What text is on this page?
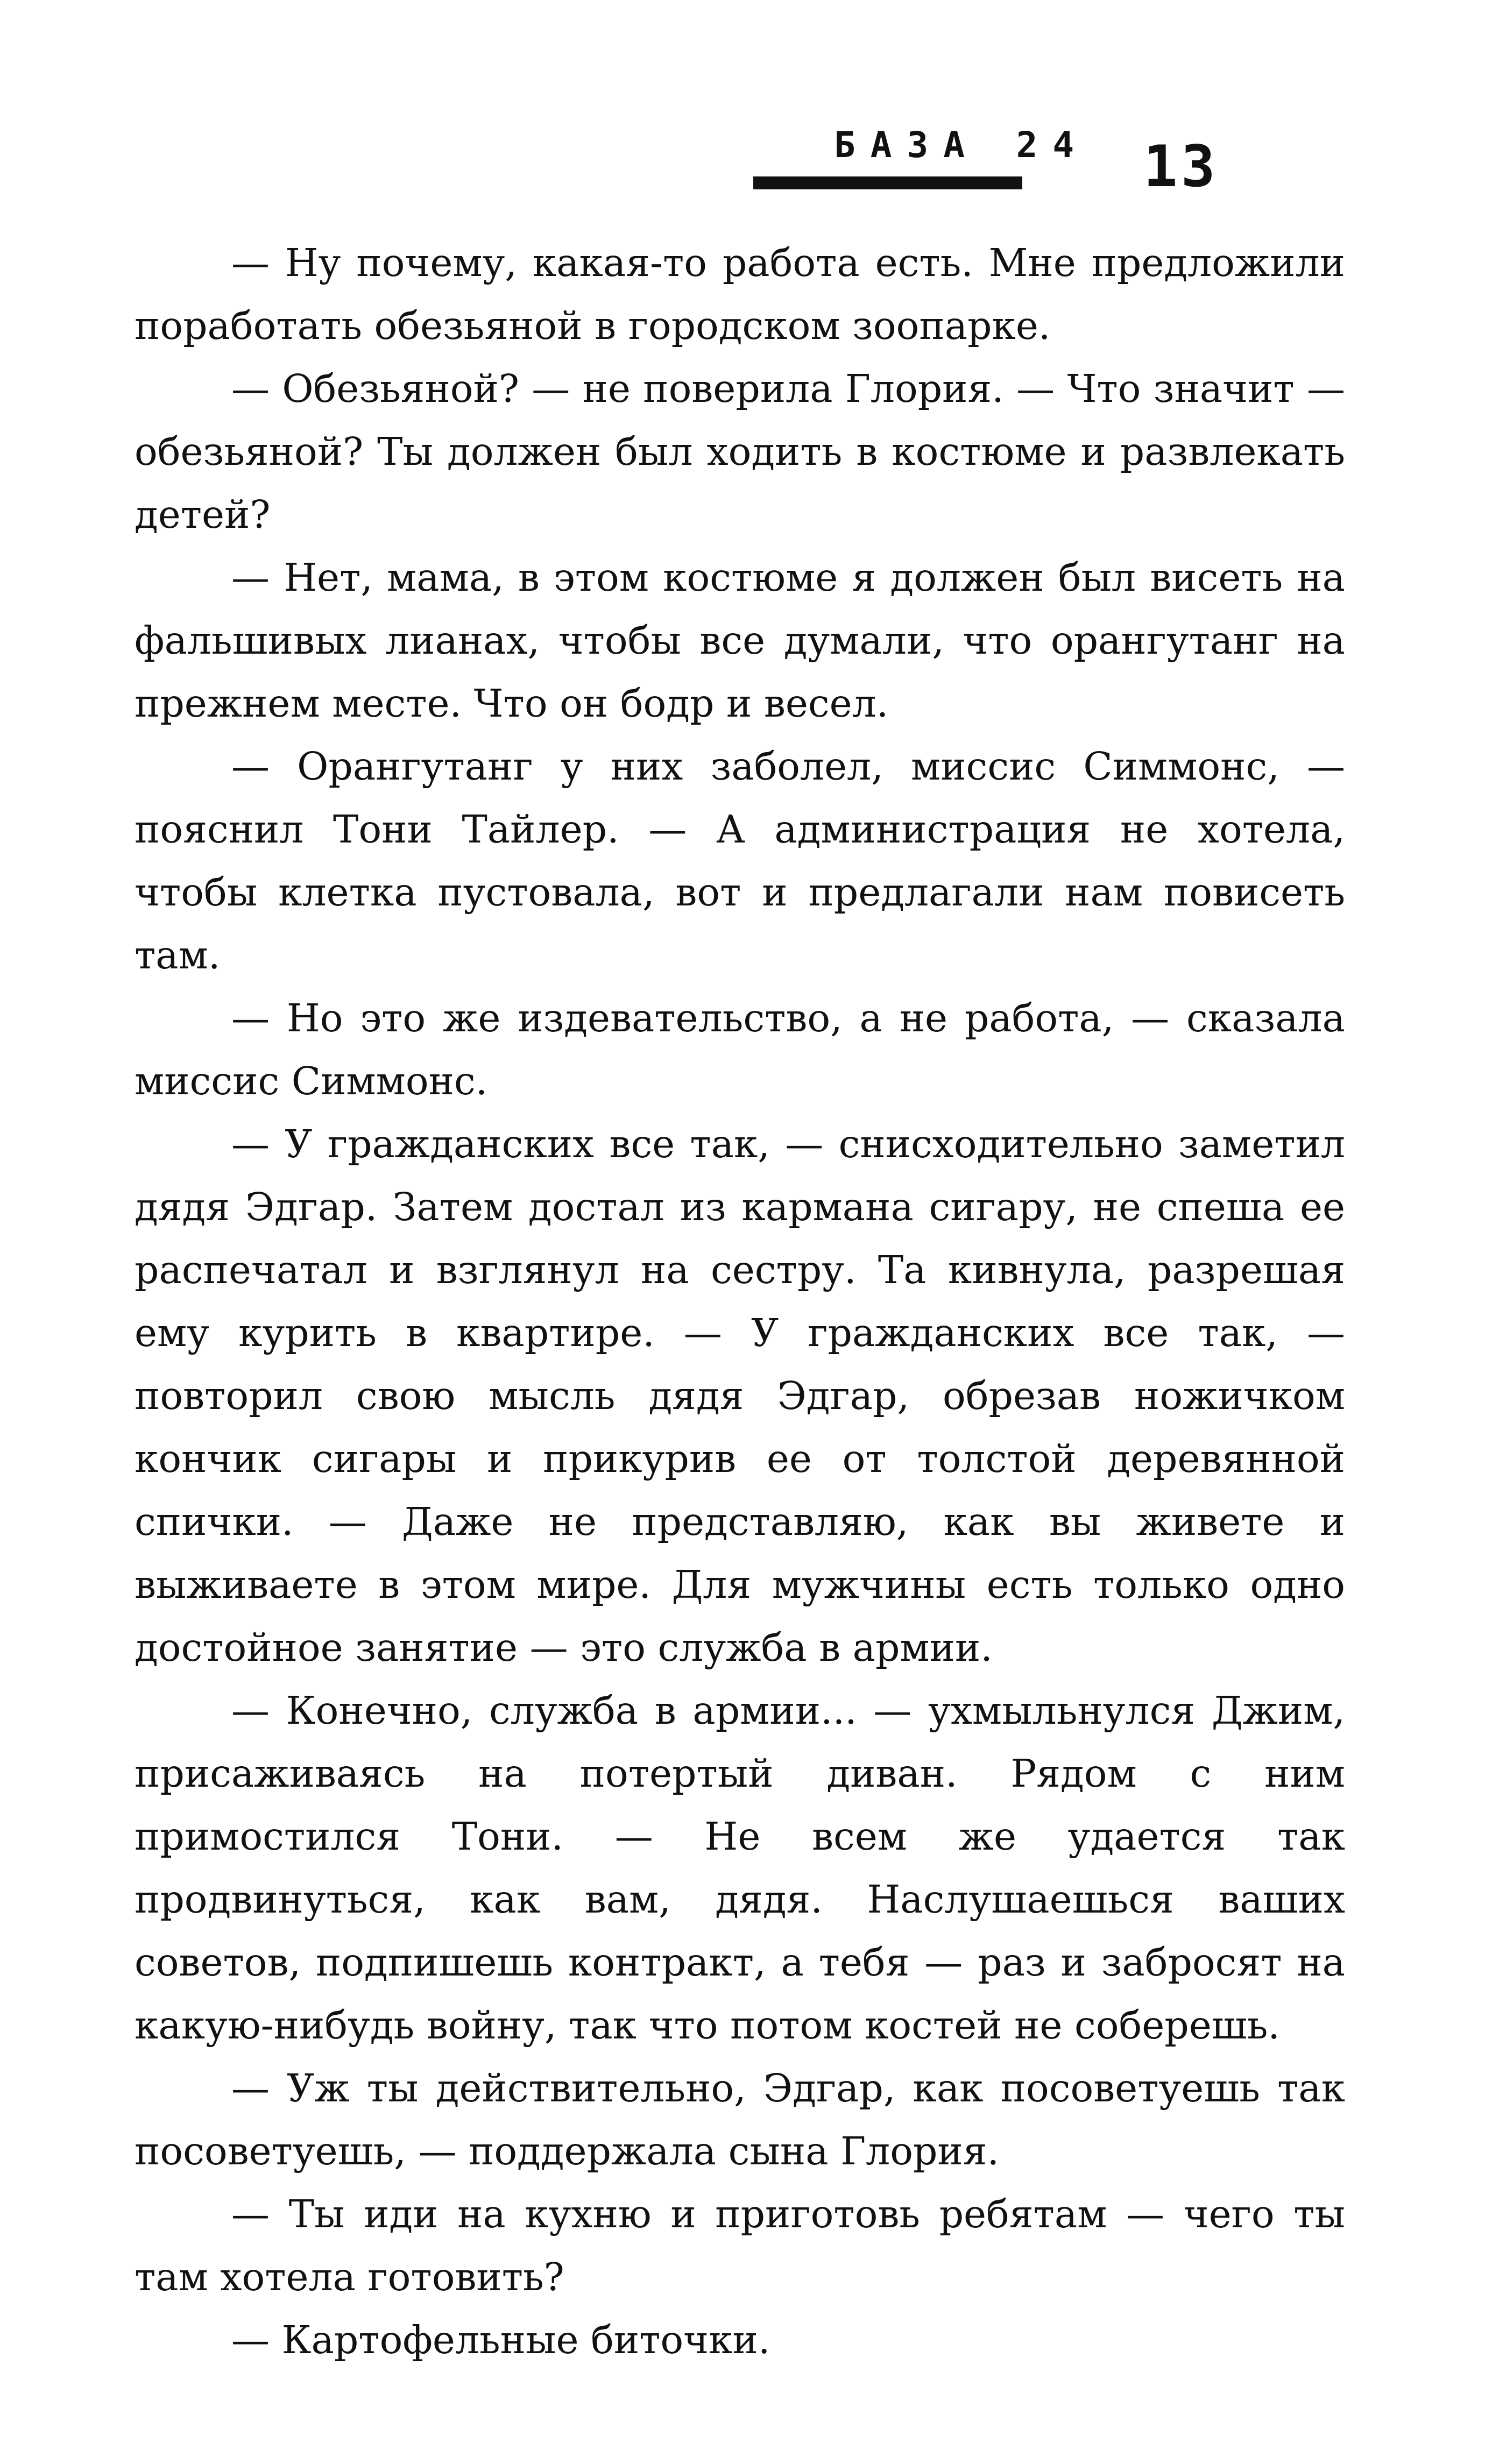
БАЗА 24 13

— Ну почему, какая-то работа есть. Мне предложили поработать обезьяной в городском зоопарке.

— Обезьяной? — не поверила Глория. — Что значит — обезьяной? Ты должен был ходить в костюме и развлекать детей?

— Нет, мама, в этом костюме я должен был висеть на фальшивых лианах, чтобы все думали, что орангутанг на прежнем месте. Что он бодр и весел.

— Орангутанг у них заболел, миссис Симмонс, — пояснил Тони Тайлер. — А администрация не хотела, чтобы клетка пустовала, вот и предлагали нам повисеть там.

— Но это же издевательство, а не работа, — сказала миссис Симмонс.

— У гражданских все так, — снисходительно заметил дядя Эдгар. Затем достал из кармана сигару, не спеша ее распечатал и взглянул на сестру. Та кивнула, разрешая ему курить в квартире. — У гражданских все так, — повторил свою мысль дядя Эдгар, обрезав ножичком кончик сигары и прикурив ее от толстой деревянной спички. — Даже не представляю, как вы живете и выживаете в этом мире. Для мужчины есть только одно достойное занятие — это служба в армии.

— Конечно, служба в армии... — ухмыльнулся Джим, присаживаясь на потертый диван. Рядом с ним примостился Тони. — Не всем же удается так продвинуться, как вам, дядя. Наслушаешься ваших советов, подпишешь контракт, а тебя — раз и забросят на какую-нибудь войну, так что потом костей не соберешь.

— Уж ты действительно, Эдгар, как посоветуешь так посоветуешь, — поддержала сына Глория.

— Ты иди на кухню и приготовь ребятам — чего ты там хотела готовить?

— Картофельные биточки.
